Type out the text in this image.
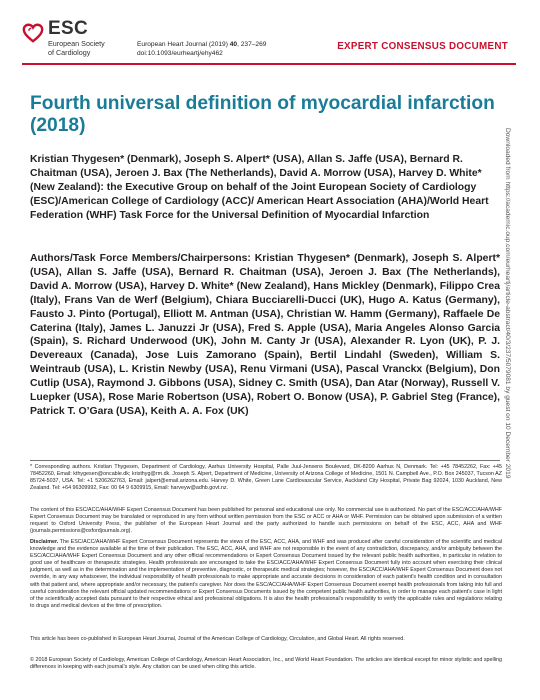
ESC
European Society
of Cardiology
European Heart Journal (2019) 40, 237–269
doi:10.1093/eurheartj/ehy462
EXPERT CONSENSUS DOCUMENT
Fourth universal definition of myocardial infarction (2018)

Kristian Thygesen* (Denmark), Joseph S. Alpert* (USA), Allan S. Jaffe (USA), Bernard R. Chaitman (USA), Jeroen J. Bax (The Netherlands), David A. Morrow (USA), Harvey D. White* (New Zealand): the Executive Group on behalf of the Joint European Society of Cardiology (ESC)/American College of Cardiology (ACC)/ American Heart Association (AHA)/World Heart Federation (WHF) Task Force for the Universal Definition of Myocardial Infarction

Authors/Task Force Members/Chairpersons: Kristian Thygesen* (Denmark), Joseph S. Alpert* (USA), Allan S. Jaffe (USA), Bernard R. Chaitman (USA), Jeroen J. Bax (The Netherlands), David A. Morrow (USA), Harvey D. White* (New Zealand), Hans Mickley (Denmark), Filippo Crea (Italy), Frans Van de Werf (Belgium), Chiara Bucciarelli-Ducci (UK), Hugo A. Katus (Germany), Fausto J. Pinto (Portugal), Elliott M. Antman (USA), Christian W. Hamm (Germany), Raffaele De Caterina (Italy), James L. Januzzi Jr (USA), Fred S. Apple (USA), Maria Angeles Alonso Garcia (Spain), S. Richard Underwood (UK), John M. Canty Jr (USA), Alexander R. Lyon (UK), P. J. Devereaux (Canada), Jose Luis Zamorano (Spain), Bertil Lindahl (Sweden), William S. Weintraub (USA), L. Kristin Newby (USA), Renu Virmani (USA), Pascal Vranckx (Belgium), Don Cutlip (USA), Raymond J. Gibbons (USA), Sidney C. Smith (USA), Dan Atar (Norway), Russell V. Luepker (USA), Rose Marie Robertson (USA), Robert O. Bonow (USA), P. Gabriel Steg (France), Patrick T. O’Gara (USA), Keith A. A. Fox (UK)

* Corresponding authors. Kristian Thygesen, Department of Cardiology, Aarhus University Hospital, Palle Juul-Jensens Boulevard, DK-8200 Aarhus N, Denmark. Tel: +45 78452262, Fax: +45 78452260, Email: kthygesen@oncable.dk; kristhyg@rm.dk. Joseph S. Alpert, Department of Medicine, University of Arizona College of Medicine, 1501 N. Campbell Ave., P.O. Box 245037, Tucson AZ 85724-5037, USA. Tel: +1 5206262763, Email: jalpert@email.arizona.edu. Harvey D. White, Green Lane Cardiovascular Service, Auckland City Hospital, Private Bag 92024, 1030 Auckland, New Zealand. Tel: +64 96309992, Fax: 00 64 9 6309915, Email: harveyw@adhb.govt.nz.

The content of this ESC/ACC/AHA/WHF Expert Consensus Document has been published for personal and educational use only. No commercial use is authorized. No part of the ESC/ACC/AHA/WHF Expert Consensus Document may be translated or reproduced in any form without written permission from the ESC or ACC or AHA or WHF. Permission can be obtained upon submission of a written request to Oxford University Press, the publisher of the European Heart Journal and the party authorized to handle such permissions on behalf of the ESC, ACC, AHA and WHF (journals.permissions@oxfordjournals.org).

Disclaimer. The ESC/ACC/AHA/WHF Expert Consensus Document represents the views of the ESC, ACC, AHA, and WHF and was produced after careful consideration of the scientific and medical knowledge and the evidence available at the time of their publication. The ESC, ACC, AHA, and WHF are not responsible in the event of any contradiction, discrepancy, and/or ambiguity between the ESC/ACC/AHA/WHF Expert Consensus Document and any other official recommendations or Expert Consensus Document issued by the relevant public health authorities, in particular in relation to good use of healthcare or therapeutic strategies. Health professionals are encouraged to take the ESC/ACC/AHA/WHF Expert Consensus Document fully into account when exercising their clinical judgment, as well as in the determination and the implementation of preventive, diagnostic, or therapeutic medical strategies; however, the ESC/ACC/AHA/WHF Expert Consensus Document does not override, in any way whatsoever, the individual responsibility of health professionals to make appropriate and accurate decisions in consideration of each patient’s health condition and in consultation with that patient and, where appropriate and/or necessary, the patient’s caregiver. Nor does the ESC/ACC/AHA/WHF Expert Consensus Document exempt health professionals from taking into full and careful consideration the relevant official updated recommendations or Expert Consensus Documents issued by the competent public health authorities, in order to manage each patient’s case in light of the scientifically accepted data pursuant to their respective ethical and professional obligations. It is also the health professional’s responsibility to verify the applicable rules and regulations relating to drugs and medical devices at the time of prescription.

This article has been co-published in European Heart Journal, Journal of the American College of Cardiology, Circulation, and Global Heart. All rights reserved.

© 2018 European Society of Cardiology, American College of Cardiology, American Heart Association, Inc., and World Heart Foundation. The articles are identical except for minor stylistic and spelling differences in keeping with each journal’s style. Any citation can be used when citing this article.

Downloaded from https://academic.oup.com/eurheartj/article-abstract/40/3/237/5079081 by guest on 10 December 2019
